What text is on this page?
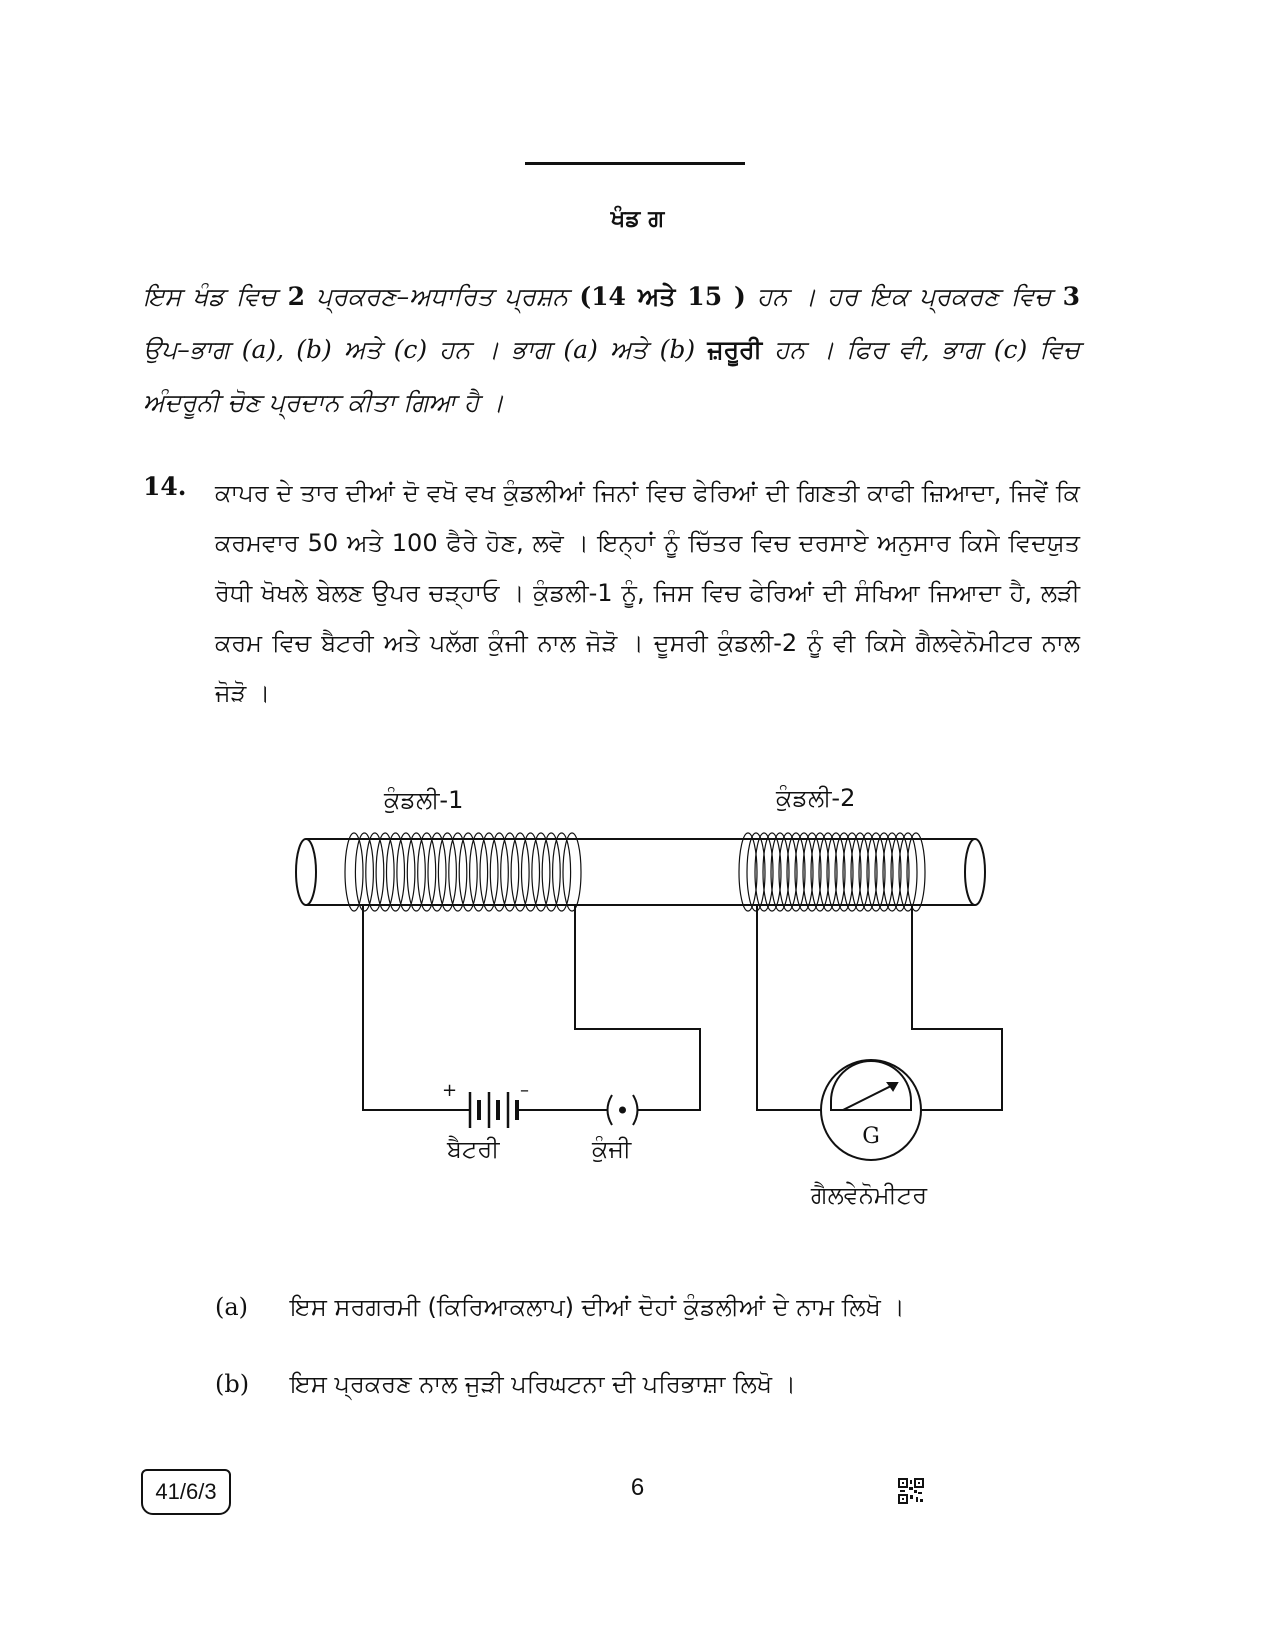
ਖੰਡ ਗ
ਇਸ ਖੰਡ ਵਿਚ 2 ਪ੍ਰਕਰਣ–ਅਧਾਰਿਤ ਪ੍ਰਸ਼ਨ (14 ਅਤੇ 15 ) ਹਨ । ਹਰ ਇਕ ਪ੍ਰਕਰਣ ਵਿਚ 3 ਉਪ–ਭਾਗ (a), (b) ਅਤੇ (c) ਹਨ । ਭਾਗ (a) ਅਤੇ (b) ਜ਼ਰੂਰੀ ਹਨ । ਫਿਰ ਵੀ, ਭਾਗ (c) ਵਿਚ ਅੰਦਰੂਨੀ ਚੋਣ ਪ੍ਰਦਾਨ ਕੀਤਾ ਗਿਆ ਹੈ ।
14. ਕਾਪਰ ਦੇ ਤਾਰ ਦੀਆਂ ਦੋ ਵਖੋ ਵਖ ਕੁੰਡਲੀਆਂ ਜਿਨਾਂ ਵਿਚ ਫੇਰਿਆਂ ਦੀ ਗਿਣਤੀ ਕਾਫੀ ਜ਼ਿਆਦਾ, ਜਿਵੇਂ ਕਿ ਕਰਮਵਾਰ 50 ਅਤੇ 100 ਫੈਰੇ ਹੋਣ, ਲਵੋ । ਇਨ੍ਹਾਂ ਨੂੰ ਚਿੱਤਰ ਵਿਚ ਦਰਸਾਏ ਅਨੁਸਾਰ ਕਿਸੇ ਵਿਦਯੁਤ ਰੋਧੀ ਖੋਖਲੇ ਬੇਲਣ ਉਪਰ ਚੜ੍ਹਾਓ । ਕੁੰਡਲੀ-1 ਨੂੰ, ਜਿਸ ਵਿਚ ਫੇਰਿਆਂ ਦੀ ਸੰਖਿਆ ਜਿਆਦਾ ਹੈ, ਲੜੀ ਕਰਮ ਵਿਚ ਬੈਟਰੀ ਅਤੇ ਪਲੱਗ ਕੁੰਜੀ ਨਾਲ ਜੋੜੋ । ਦੂਸਰੀ ਕੁੰਡਲੀ-2 ਨੂੰ ਵੀ ਕਿਸੇ ਗੈਲਵੇਨੋਮੀਟਰ ਨਾਲ ਜੋੜੋ ।
ਕੁੰਡਲੀ-1	ਕੁੰਡਲੀ-2
+	–
ਬੈਟਰੀ	ਕੁੰਜੀ	G
ਗੈਲਵੇਨੋਮੀਟਰ
(a) ਇਸ ਸਰਗਰਮੀ (ਕਿਰਿਆਕਲਾਪ) ਦੀਆਂ ਦੋਹਾਂ ਕੁੰਡਲੀਆਂ ਦੇ ਨਾਮ ਲਿਖੋ ।
(b) ਇਸ ਪ੍ਰਕਰਣ ਨਾਲ ਜੁੜੀ ਪਰਿਘਟਨਾ ਦੀ ਪਰਿਭਾਸ਼ਾ ਲਿਖੋ ।
41/6/3	6
